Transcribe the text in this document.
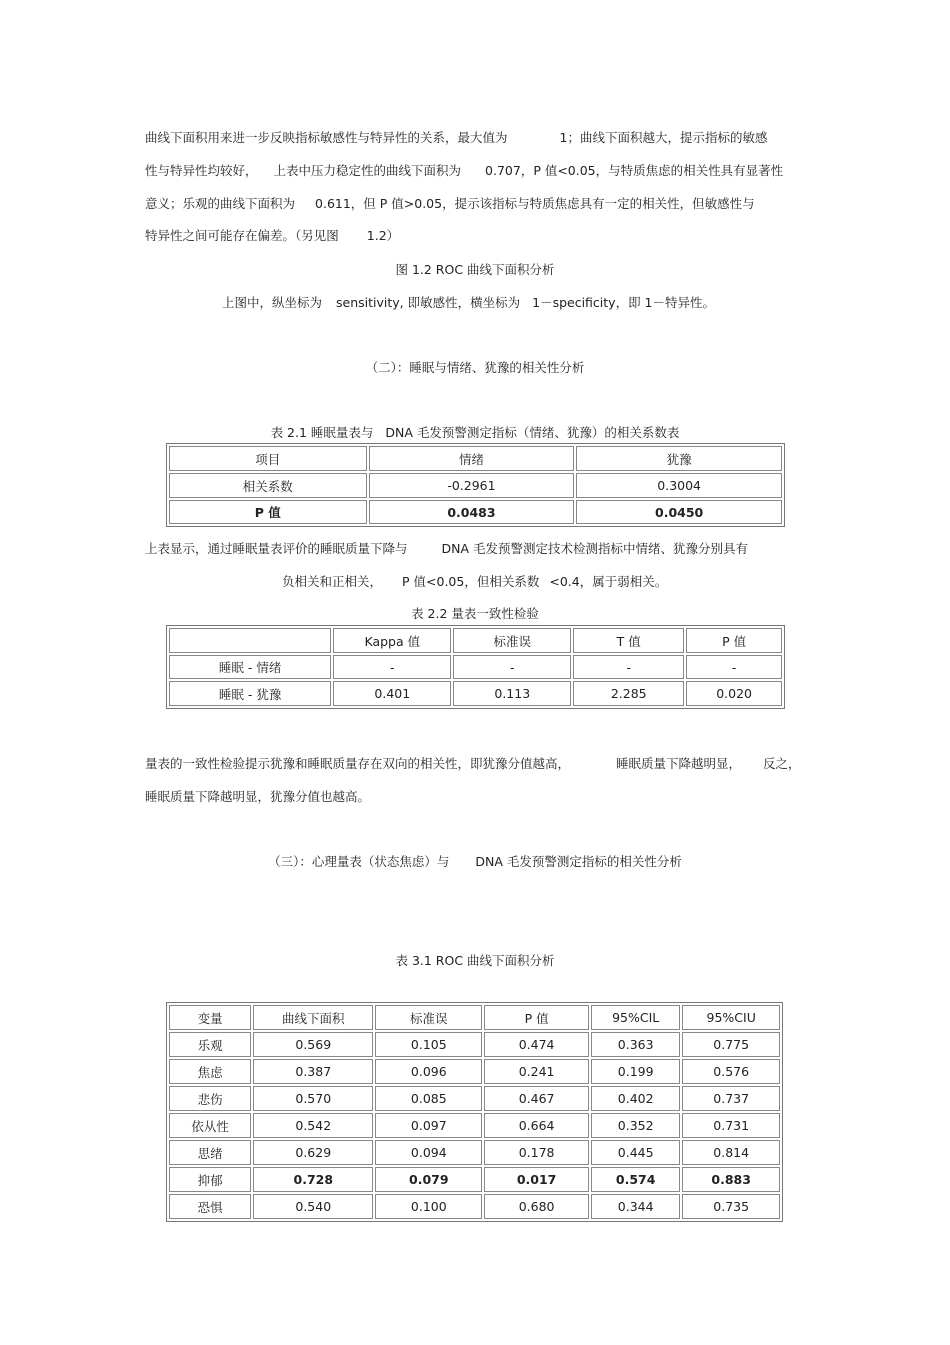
曲线下面积用来进一步反映指标敏感性与特异性的关系，最大值为	1；曲线下面积越大，提示指标的敏感
性与特异性均较好， 上表中压力稳定性的曲线下面积为 0.707，P 值<0.05，与特质焦虑的相关性具有显著性
意义；乐观的曲线下面积为 0.611，但 P 值>0.05，提示该指标与特质焦虑具有一定的相关性，但敏感性与
特异性之间可能存在偏差。（另见图 1.2）
图 1.2 ROC 曲线下面积分析
上图中，纵坐标为 sensitivity, 即敏感性，横坐标为 1－specificity，即 1－特异性。
（二）：睡眠与情绪、犹豫的相关性分析
表 2.1 睡眠量表与 DNA 毛发预警测定指标（情绪、犹豫）的相关系数表
项目	情绪	犹豫
相关系数	-0.2961	0.3004
P 值	0.0483	0.0450
上表显示，通过睡眠量表评价的睡眠质量下降与	DNA 毛发预警测定技术检测指标中情绪、犹豫分别具有
负相关和正相关， P 值<0.05，但相关系数 <0.4，属于弱相关。
表 2.2 量表一致性检验
	Kappa 值	标准误	T 值	P 值
睡眠 - 情绪	-	-	-	-
睡眠 - 犹豫	0.401	0.113	2.285	0.020
量表的一致性检验提示犹豫和睡眠质量存在双向的相关性，即犹豫分值越高，	睡眠质量下降越明显， 反之，
睡眠质量下降越明显，犹豫分值也越高。
（三）：心理量表（状态焦虑）与 DNA 毛发预警测定指标的相关性分析
表 3.1 ROC 曲线下面积分析
变量	曲线下面积	标准误	P 值	95%CIL	95%CIU
乐观	0.569	0.105	0.474	0.363	0.775
焦虑	0.387	0.096	0.241	0.199	0.576
悲伤	0.570	0.085	0.467	0.402	0.737
依从性	0.542	0.097	0.664	0.352	0.731
思绪	0.629	0.094	0.178	0.445	0.814
抑郁	0.728	0.079	0.017	0.574	0.883
恐惧	0.540	0.100	0.680	0.344	0.735
